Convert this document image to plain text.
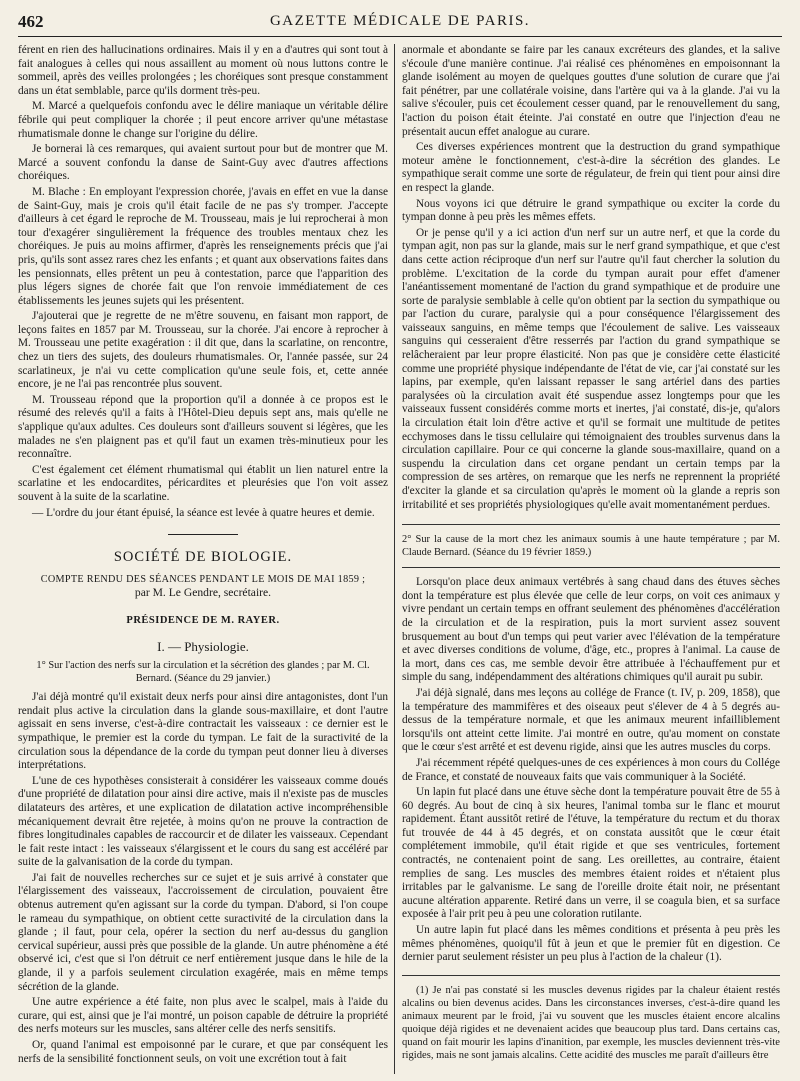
462	GAZETTE MÉDICALE DE PARIS.

férent en rien des hallucinations ordinaires. Mais il y en a d'autres qui sont tout à fait analogues à celles qui nous assaillent au moment où nous luttons contre le sommeil, après des veilles prolongées ; les choréiques sont presque constamment dans un état semblable, parce qu'ils dorment très-peu.

M. Marcé a quelquefois confondu avec le délire maniaque un véritable délire fébrile qui peut compliquer la chorée ; il peut encore arriver qu'une métastase rhumatismale donne le change sur l'origine du délire.

Je bornerai là ces remarques, qui avaient surtout pour but de montrer que M. Marcé a souvent confondu la danse de Saint-Guy avec d'autres affections choréiques.

M. Blache : En employant l'expression chorée, j'avais en effet en vue la danse de Saint-Guy, mais je crois qu'il était facile de ne pas s'y tromper. J'accepte d'ailleurs à cet égard le reproche de M. Trousseau, mais je lui reprocherai à mon tour d'exagérer singulièrement la fréquence des troubles mentaux chez les choréiques. Je puis au moins affirmer, d'après les renseignements précis que j'ai pris, qu'ils sont assez rares chez les enfants ; et quant aux observations faites dans les pensionnats, elles prêtent un peu à contestation, parce que l'apparition des plus légers signes de chorée fait que l'on renvoie immédiatement de ces établissements les jeunes sujets qui les présentent.

J'ajouterai que je regrette de ne m'être souvenu, en faisant mon rapport, de leçons faites en 1857 par M. Trousseau, sur la chorée. J'ai encore à reprocher à M. Trousseau une petite exagération : il dit que, dans la scarlatine, on rencontre, chez un tiers des sujets, des douleurs rhumatismales. Or, l'année passée, sur 24 scarlatineux, je n'ai vu cette complication qu'une seule fois, et, cette année encore, je ne l'ai pas rencontrée plus souvent.

M. Trousseau répond que la proportion qu'il a donnée à ce propos est le résumé des relevés qu'il a faits à l'Hôtel-Dieu depuis sept ans, mais qu'elle ne s'applique qu'aux adultes. Ces douleurs sont d'ailleurs souvent si légères, que les malades ne s'en plaignent pas et qu'il faut un examen très-minutieux pour les reconnaître.

C'est également cet élément rhumatismal qui établit un lien naturel entre la scarlatine et les endocardites, péricardites et pleurésies que l'on voit assez souvent à la suite de la scarlatine.

— L'ordre du jour étant épuisé, la séance est levée à quatre heures et demie.

SOCIÉTÉ DE BIOLOGIE.
COMPTE RENDU DES SÉANCES PENDANT LE MOIS DE MAI 1859 ;
par M. Le Gendre, secrétaire.
PRÉSIDENCE DE M. RAYER.
I. — Physiologie.
1° Sur l'action des nerfs sur la circulation et la sécrétion des glandes ; par M. Cl. Bernard. (Séance du 29 janvier.)

J'ai déjà montré qu'il existait deux nerfs pour ainsi dire antagonistes, dont l'un rendait plus active la circulation dans la glande sous-maxillaire, et dont l'autre agissait en sens inverse, c'est-à-dire contractait les vaisseaux : ce dernier est le sympathique, le premier est la corde du tympan. Le fait de la suractivité de la circulation sous la dépendance de la corde du tympan peut donner lieu à diverses interprétations.

L'une de ces hypothèses consisterait à considérer les vaisseaux comme doués d'une propriété de dilatation pour ainsi dire active, mais il n'existe pas de muscles dilatateurs des artères, et une explication de dilatation active incompréhensible mécaniquement devrait être rejetée, à moins qu'on ne prouve la contraction de fibres longitudinales capables de raccourcir et de dilater les vaisseaux. Cependant le fait reste intact : les vaisseaux s'élargissent et le cours du sang est accéléré par suite de la galvanisation de la corde du tympan.

J'ai fait de nouvelles recherches sur ce sujet et je suis arrivé à constater que l'élargissement des vaisseaux, l'accroissement de circulation, pouvaient être obtenus autrement qu'en agissant sur la corde du tympan. D'abord, si l'on coupe le rameau du sympathique, on obtient cette suractivité de la circulation dans la glande ; il faut, pour cela, opérer la section du nerf au-dessus du ganglion cervical supérieur, aussi près que possible de la glande. Un autre phénomène a été observé ici, c'est que si l'on détruit ce nerf entièrement jusque dans le hile de la glande, il y a parfois seulement circulation exagérée, mais en même temps sécrétion de la glande.

Une autre expérience a été faite, non plus avec le scalpel, mais à l'aide du curare, qui est, ainsi que je l'ai montré, un poison capable de détruire la propriété des nerfs moteurs sur les muscles, sans altérer celle des nerfs sensitifs.

Or, quand l'animal est empoisonné par le curare, et que par conséquent les nerfs de la sensibilité fonctionnent seuls, on voit une excrétion tout à fait

anormale et abondante se faire par les canaux excréteurs des glandes, et la salive s'écoule d'une manière continue. J'ai réalisé ces phénomènes en empoisonnant la glande isolément au moyen de quelques gouttes d'une solution de curare que j'ai fait pénétrer, par une collatérale voisine, dans l'artère qui va à la glande. J'ai vu la salive s'écouler, puis cet écoulement cesser quand, par le renouvellement du sang, l'action du poison était éteinte. J'ai constaté en outre que l'injection d'eau ne présentait aucun effet analogue au curare.

Ces diverses expériences montrent que la destruction du grand sympathique moteur amène le fonctionnement, c'est-à-dire la sécrétion des glandes. Le sympathique serait comme une sorte de régulateur, de frein qui tient pour ainsi dire en respect la glande.

Nous voyons ici que détruire le grand sympathique ou exciter la corde du tympan donne à peu près les mêmes effets.

Or je pense qu'il y a ici action d'un nerf sur un autre nerf, et que la corde du tympan agit, non pas sur la glande, mais sur le nerf grand sympathique, et que c'est dans cette action réciproque d'un nerf sur l'autre qu'il faut chercher la solution du problème. L'excitation de la corde du tympan aurait pour effet d'amener l'anéantissement momentané de l'action du grand sympathique et de produire une sorte de paralysie semblable à celle qu'on obtient par la section du sympathique ou par l'action du curare, paralysie qui a pour conséquence l'élargissement des vaisseaux sanguins, en même temps que l'écoulement de salive. Les vaisseaux sanguins qui cesseraient d'être resserrés par l'action du grand sympathique se relâcheraient par leur propre élasticité. Non pas que je considère cette élasticité comme une propriété physique indépendante de l'état de vie, car j'ai constaté sur les lapins, par exemple, qu'en laissant repasser le sang artériel dans des parties paralysées où la circulation avait été suspendue assez longtemps pour que les vaisseaux fussent considérés comme morts et inertes, j'ai constaté, dis-je, qu'alors la circulation était loin d'être active et qu'il se formait une multitude de petites ecchymoses dans le tissu cellulaire qui témoignaient des troubles survenus dans la circulation capillaire. Pour ce qui concerne la glande sous-maxillaire, quand on a suspendu la circulation dans cet organe pendant un certain temps par la compression de ses artères, on remarque que les nerfs ne reprennent la propriété d'exciter la glande et sa circulation qu'après le moment où la glande a repris son irritabilité et ses propriétés physiologiques qu'elle avait momentanément perdues.

2° Sur la cause de la mort chez les animaux soumis à une haute température ; par M. Claude Bernard. (Séance du 19 février 1859.)

Lorsqu'on place deux animaux vertébrés à sang chaud dans des étuves sèches dont la température est plus élevée que celle de leur corps, on voit ces animaux y vivre pendant un certain temps en offrant seulement des phénomènes d'accélération de la circulation et de la respiration, puis la mort survient assez souvent brusquement au bout d'un temps qui peut varier avec l'élévation de la température et avec diverses conditions de volume, d'âge, etc., propres à l'animal. La cause de la mort, dans ces cas, me semble devoir être attribuée à l'échauffement pur et simple du sang, indépendamment des altérations chimiques qu'il aurait pu subir.

J'ai déjà signalé, dans mes leçons au collége de France (t. IV, p. 209, 1858), que la température des mammifères et des oiseaux peut s'élever de 4 à 5 degrés au-dessus de la température normale, et que les animaux meurent infailliblement lorsqu'ils ont atteint cette limite. J'ai montré en outre, qu'au moment on constate que le cœur s'est arrêté et est devenu rigide, ainsi que les autres muscles du corps.

J'ai récemment répété quelques-unes de ces expériences à mon cours du Collége de France, et constaté de nouveaux faits que vais communiquer à la Société.

Un lapin fut placé dans une étuve sèche dont la température pouvait être de 55 à 60 degrés. Au bout de cinq à six heures, l'animal tomba sur le flanc et mourut rapidement. Étant aussitôt retiré de l'étuve, la température du rectum et du thorax fut trouvée de 44 à 45 degrés, et on constata aussitôt que le cœur était complétement immobile, qu'il était rigide et que ses ventricules, fortement contractés, ne contenaient point de sang. Les oreillettes, au contraire, étaient remplies de sang. Les muscles des membres étaient roides et n'étaient plus irritables par le galvanisme. Le sang de l'oreille droite était noir, ne présentant aucune altération apparente. Retiré dans un verre, il se coagula bien, et sa surface exposée à l'air prit peu à peu une coloration rutilante.

Un autre lapin fut placé dans les mêmes conditions et présenta à peu près les mêmes phénomènes, quoiqu'il fût à jeun et que le premier fût en digestion. Ce dernier parut seulement résister un peu plus à l'action de la chaleur (1).

(1) Je n'ai pas constaté si les muscles devenus rigides par la chaleur étaient restés alcalins ou bien devenus acides. Dans les circonstances inverses, c'est-à-dire quand les animaux meurent par le froid, j'ai vu souvent que les muscles étaient encore alcalins quoique déjà rigides et ne devenaient acides que beaucoup plus tard. Dans certains cas, quand on fait mourir les lapins d'inanition, par exemple, les muscles deviennent très-vite rigides, mais ne sont jamais alcalins. Cette acidité des muscles me paraît d'ailleurs être
